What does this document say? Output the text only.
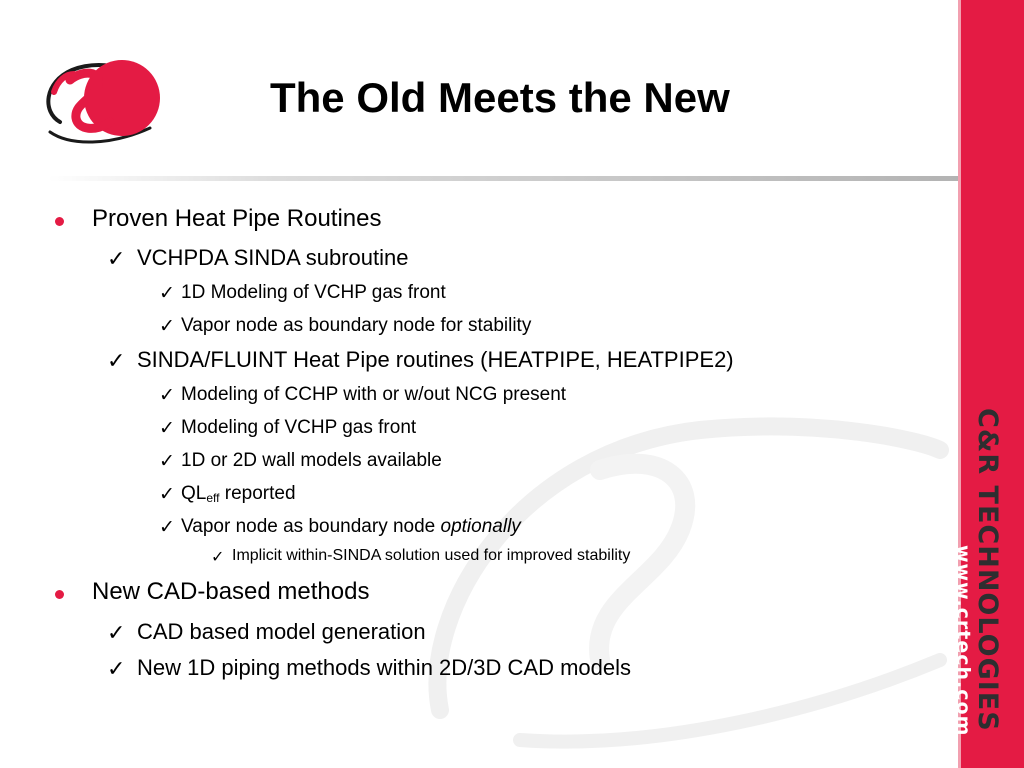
C&R TECHNOLOGIES
www.crtech.com
The Old Meets the New
Proven Heat Pipe Routines
✓ VCHPDA SINDA subroutine
✓ 1D Modeling of VCHP gas front
✓ Vapor node as boundary node for stability
✓ SINDA/FLUINT Heat Pipe routines (HEATPIPE, HEATPIPE2)
✓ Modeling of CCHP with or w/out NCG present
✓ Modeling of VCHP gas front
✓ 1D or 2D wall models available
✓ $QL_{eff}$ reported
✓ Vapor node as boundary node optionally
✓ Implicit within-SINDA solution used for improved stability
New CAD-based methods
✓ CAD based model generation
✓ New 1D piping methods within 2D/3D CAD models
